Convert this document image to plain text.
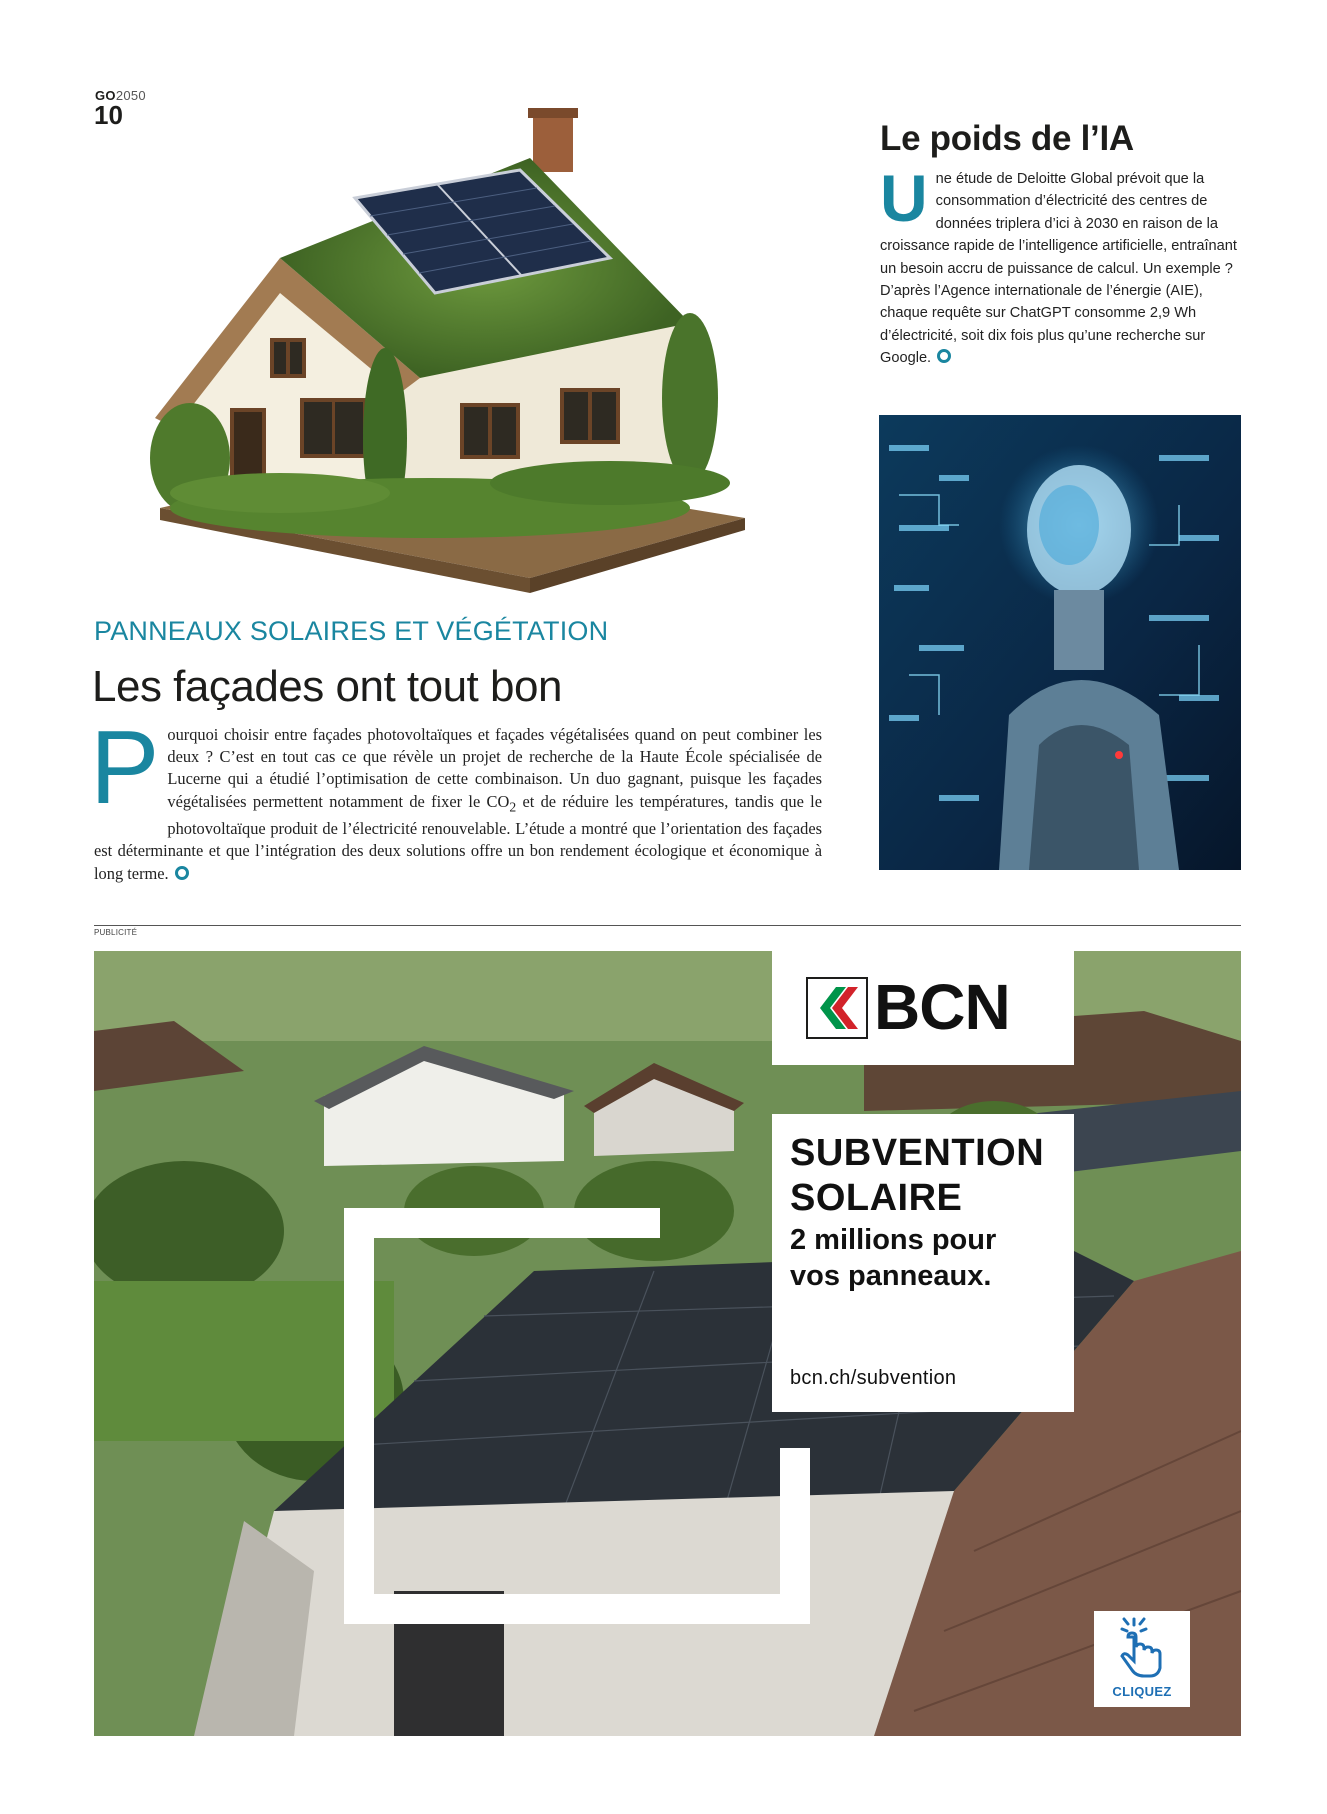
GO2050
10
Le poids de l’IA
Une étude de Deloitte Global prévoit que la consommation d’électricité des centres de données triplera d’ici à 2030 en raison de la croissance rapide de l’intelligence artificielle, entraînant un besoin accru de puissance de calcul. Un exemple ? D’après l’Agence internationale de l’énergie (AIE), chaque requête sur ChatGPT consomme 2,9 Wh d’électricité, soit dix fois plus qu’une recherche sur Google.
PANNEAUX SOLAIRES ET VÉGÉTATION
Les façades ont tout bon
Pourquoi choisir entre façades photovoltaïques et façades végétalisées quand on peut combiner les deux ? C’est en tout cas ce que révèle un projet de recherche de la Haute École spécialisée de Lucerne qui a étudié l’optimisation de cette combinaison. Un duo gagnant, puisque les façades végétalisées permettent notamment de fixer le $CO_2$ et de réduire les températures, tandis que le photovoltaïque produit de l’électricité renouvelable. L’étude a montré que l’orientation des façades est déterminante et que l’intégration des deux solutions offre un bon rendement écologique et économique à long terme.
PUBLICITÉ
BCN
SUBVENTION
SOLAIRE
2 millions pour
vos panneaux.
bcn.ch/subvention
CLIQUEZ
